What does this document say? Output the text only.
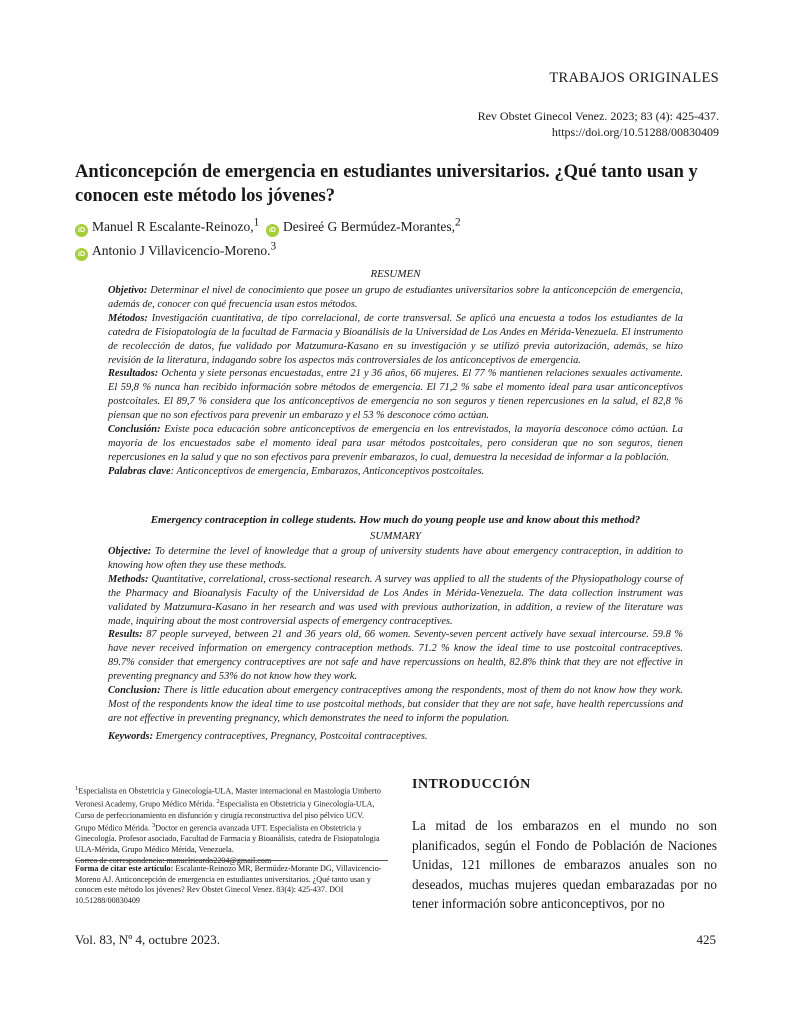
TRABAJOS ORIGINALES
Rev Obstet Ginecol Venez. 2023; 83 (4): 425-437.
https://doi.org/10.51288/00830409
Anticoncepción de emergencia en estudiantes universitarios. ¿Qué tanto usan y conocen este método los jóvenes?
iD Manuel R Escalante-Reinozo,$^1$  iD Desireé G Bermúdez-Morantes,$^2$
iD Antonio J Villavicencio-Moreno.$^3$
RESUMEN

Objetivo: Determinar el nivel de conocimiento que posee un grupo de estudiantes universitarios sobre la anticoncepción de emergencia, además de, conocer con qué frecuencia usan estos métodos.

Métodos: Investigación cuantitativa, de tipo correlacional, de corte transversal. Se aplicó una encuesta a todos los estudiantes de la catedra de Fisiopatología de la facultad de Farmacia y Bioanálisis de la Universidad de Los Andes en Mérida-Venezuela. El instrumento de recolección de datos, fue validado por Matzumura-Kasano en su investigación y se utilizó previa autorización, además, se hizo revisión de la literatura, indagando sobre los aspectos más controversiales de los anticonceptivos de emergencia.

Resultados: Ochenta y siete personas encuestadas, entre 21 y 36 años, 66 mujeres. El 77 % mantienen relaciones sexuales activamente. El 59,8 % nunca han recibido información sobre métodos de emergencia. El 71,2 % sabe el momento ideal para usar anticonceptivos postcoitales. El 89,7 % considera que los anticonceptivos de emergencia no son seguros y tienen repercusiones en la salud, el 82,8 % piensan que no son efectivos para prevenir un embarazo y el 53 % desconoce cómo actúan.

Conclusión: Existe poca educación sobre anticonceptivos de emergencia en los entrevistados, la mayoría desconoce cómo actúan. La mayoría de los encuestados sabe el momento ideal para usar métodos postcoitales, pero consideran que no son seguros, tienen repercusiones en la salud y que no son efectivos para prevenir embarazos, lo cual, demuestra la necesidad de informar a la población.

Palabras clave: Anticonceptivos de emergencia, Embarazos, Anticonceptivos postcoitales.

Emergency contraception in college students. How much do young people use and know about this method?
SUMMARY

Objective: To determine the level of knowledge that a group of university students have about emergency contraception, in addition to knowing how often they use these methods.

Methods: Quantitative, correlational, cross-sectional research. A survey was applied to all the students of the Physiopathology course of the Pharmacy and Bioanalysis Faculty of the Universidad de Los Andes in Mérida-Venezuela. The data collection instrument was validated by Matzumura-Kasano in her research and was used with previous authorization, in addition, a review of the literature was made, inquiring about the most controversial aspects of emergency contraceptives.

Results: 87 people surveyed, between 21 and 36 years old, 66 women. Seventy-seven percent actively have sexual intercourse. 59.8 % have never received information on emergency contraception methods. 71.2 % know the ideal time to use postcoital contraceptives. 89.7% consider that emergency contraceptives are not safe and have repercussions on health, 82.8% think that they are not effective in preventing pregnancy and 53% do not know how they work.

Conclusion: There is little education about emergency contraceptives among the respondents, most of them do not know how they work. Most of the respondents know the ideal time to use postcoital methods, but consider that they are not safe, have health repercussions and are not effective in preventing pregnancy, which demonstrates the need to inform the population.

Keywords: Emergency contraceptives, Pregnancy, Postcoital contraceptives.

$^1$Especialista en Obstetricia y Ginecología-ULA, Master internacional en Mastología Umberto Veronesi Academy, Grupo Médico Mérida. $^2$Especialista en Obstetricia y Ginecología-ULA, Curso de perfeccionamiento en disfunción y cirugía reconstructiva del piso pélvico UCV. Grupo Médico Mérida. $^3$Doctor en gerencia avanzada UFT. Especialista en Obstetricia y Ginecología. Profesor asociado, Facultad de Farmacia y Bioanálisis, catedra de Fisiopatologia ULA-Mérida, Grupo Médico Mérida, Venezuela.
Correo de correspondencia: manuelricardo2204@gmail.com
Forma de citar este artículo: Escalante-Reinozo MR, Bermúdez-Morante DG, Villavicencio-Moreno AJ. Anticoncepción de emergencia en estudiantes universitarios. ¿Qué tanto usan y conocen este método los jóvenes? Rev Obstet Ginecol Venez. 83(4): 425-437. DOI 10.51288/00830409
INTRODUCCIÓN
La mitad de los embarazos en el mundo no son planificados, según el Fondo de Población de Naciones Unidas, 121 millones de embarazos anuales son no deseados, muchas mujeres quedan embarazadas por no tener información sobre anticonceptivos, por no
Vol. 83, Nº 4, octubre 2023.	425
